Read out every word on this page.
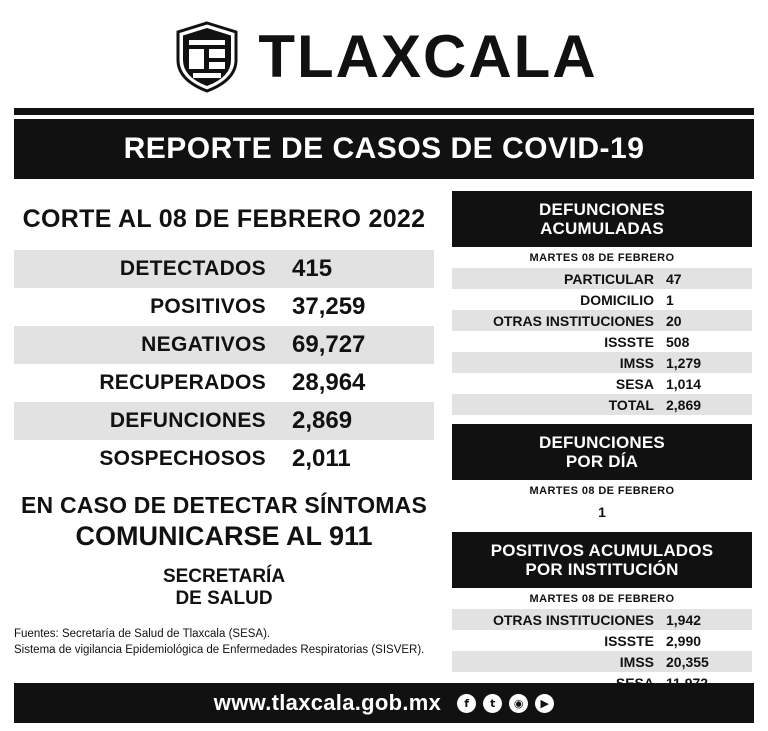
TLAXCALA
REPORTE DE CASOS DE COVID-19
CORTE AL 08 DE FEBRERO 2022
DETECTADOS	415
POSITIVOS	37,259
NEGATIVOS	69,727
RECUPERADOS	28,964
DEFUNCIONES	2,869
SOSPECHOSOS	2,011
EN CASO DE DETECTAR SÍNTOMAS
COMUNICARSE AL 911
SECRETARÍA
DE SALUD
Fuentes: Secretaría de Salud de Tlaxcala (SESA).
Sistema de vigilancia Epidemiológica de Enfermedades Respiratorias (SISVER).
DEFUNCIONES
ACUMULADAS
MARTES 08 DE FEBRERO
PARTICULAR 47
DOMICILIO 1
OTRAS INSTITUCIONES 20
ISSSTE 508
IMSS 1,279
SESA 1,014
TOTAL 2,869
DEFUNCIONES
POR DÍA
MARTES 08 DE FEBRERO
1
POSITIVOS ACUMULADOS
POR INSTITUCIÓN
MARTES 08 DE FEBRERO
OTRAS INSTITUCIONES 1,942
ISSSTE 2,990
IMSS 20,355
www.tlaxcala.gob.mx	f	t	◉	▶
